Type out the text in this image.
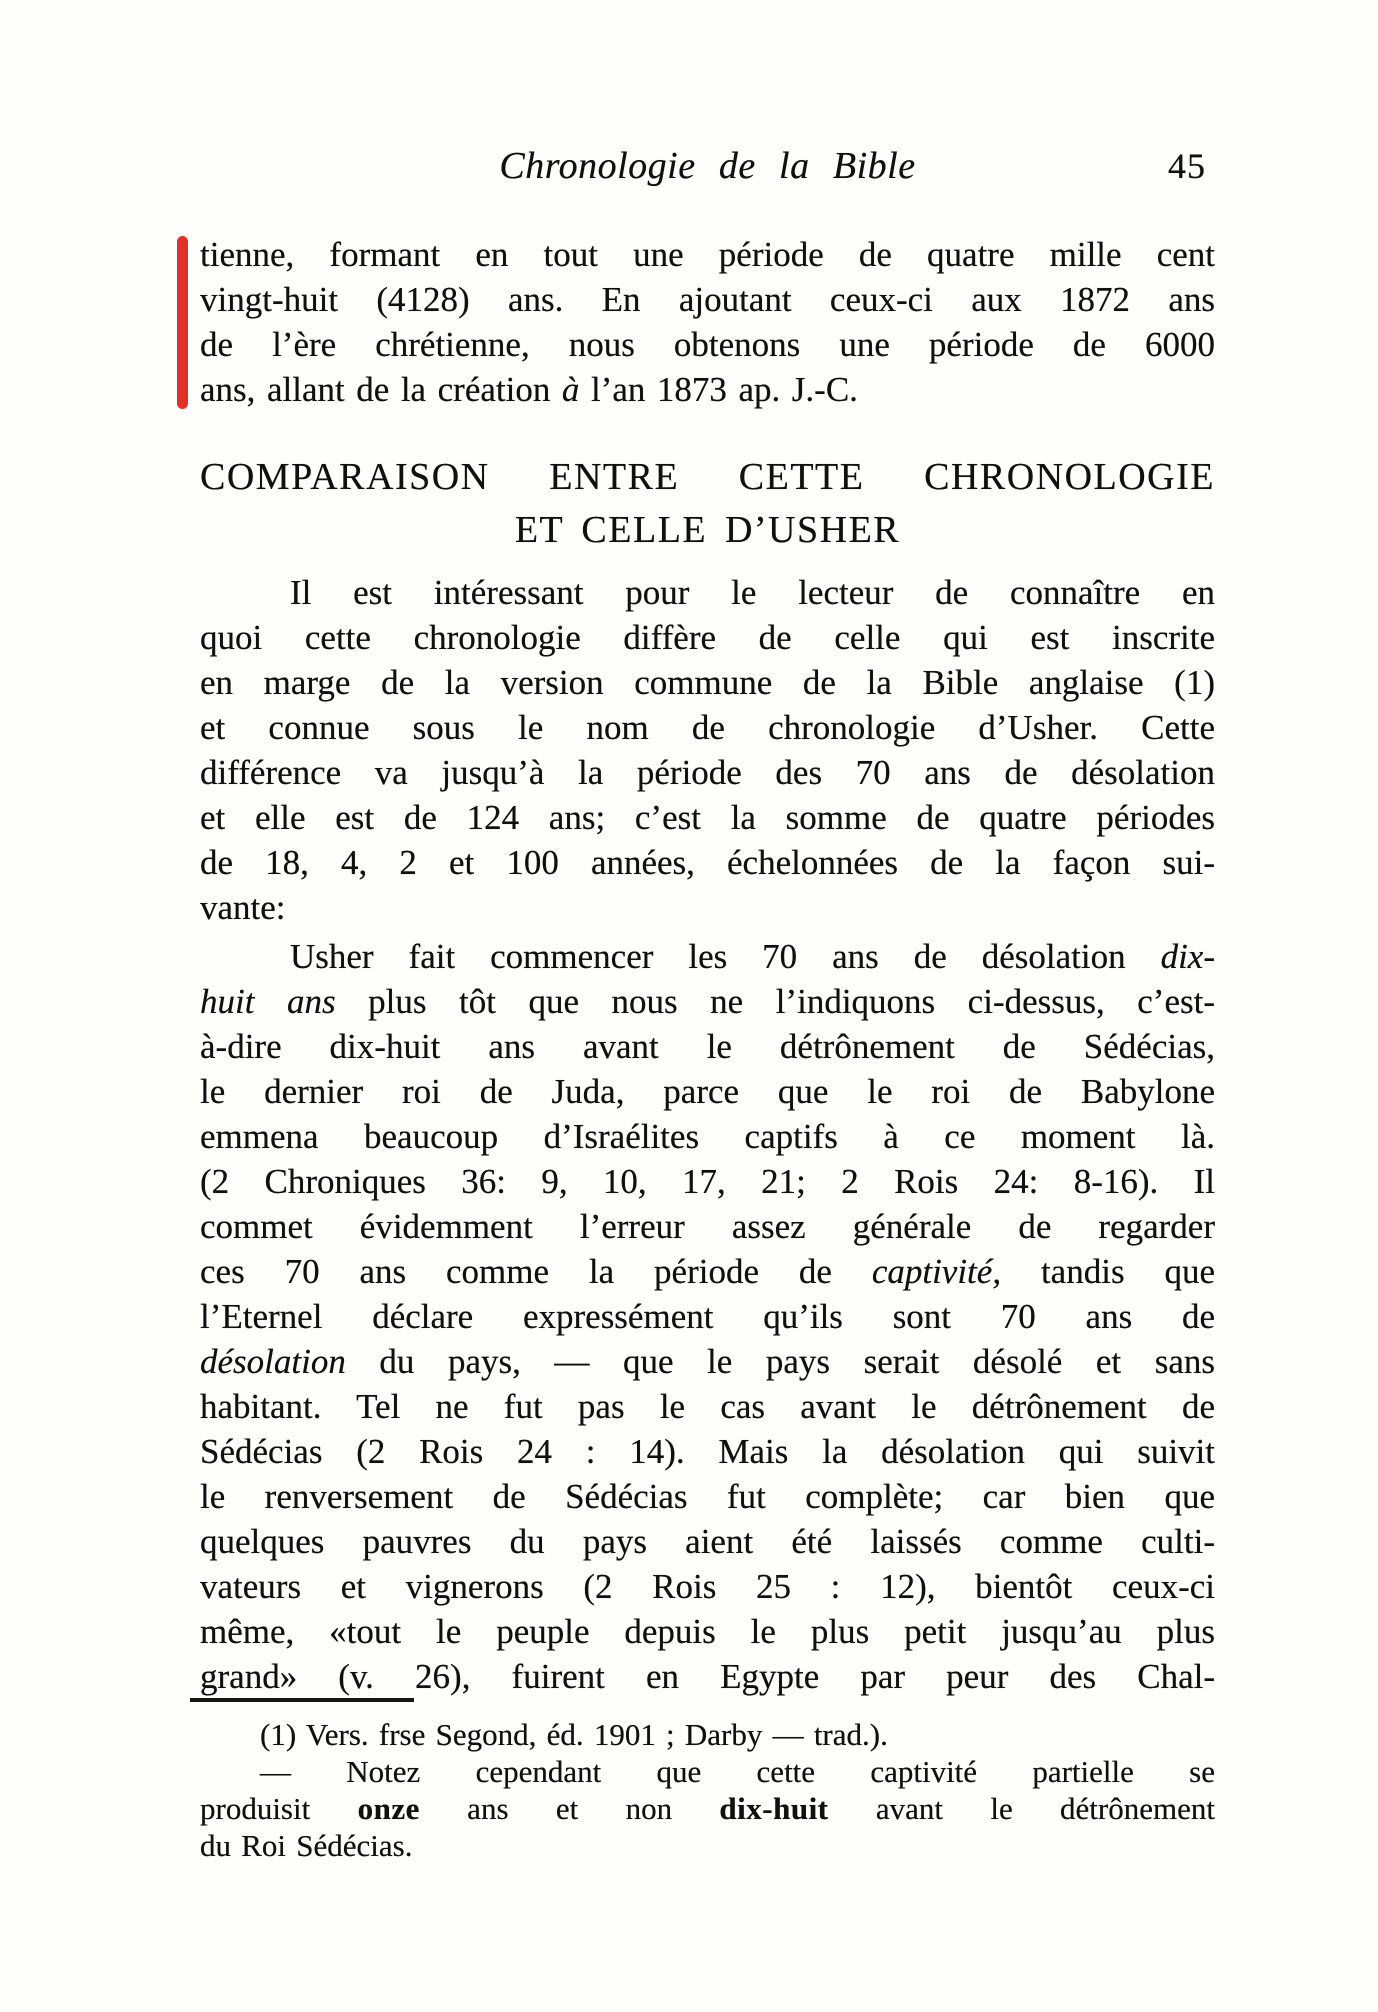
Chronologie de la Bible	45
tienne, formant en tout une période de quatre mille cent
vingt-huit (4128) ans. En ajoutant ceux-ci aux 1872 ans
de l’ère chrétienne, nous obtenons une période de 6000
ans, allant de la création à l’an 1873 ap. J.-C.
COMPARAISON ENTRE CETTE CHRONOLOGIE
ET CELLE D’USHER
Il est intéressant pour le lecteur de connaître en
quoi cette chronologie diffère de celle qui est inscrite
en marge de la version commune de la Bible anglaise (1)
et connue sous le nom de chronologie d’Usher. Cette
différence va jusqu’à la période des 70 ans de désolation
et elle est de 124 ans; c’est la somme de quatre périodes
de 18, 4, 2 et 100 années, échelonnées de la façon sui-
vante:
Usher fait commencer les 70 ans de désolation dix-
huit ans plus tôt que nous ne l’indiquons ci-dessus, c’est-
à-dire dix-huit ans avant le détrônement de Sédécias,
le dernier roi de Juda, parce que le roi de Babylone
emmena beaucoup d’Israélites captifs à ce moment là.
(2 Chroniques 36: 9, 10, 17, 21; 2 Rois 24: 8-16). Il
commet évidemment l’erreur assez générale de regarder
ces 70 ans comme la période de captivité, tandis que
l’Eternel déclare expressément qu’ils sont 70 ans de
désolation du pays, — que le pays serait désolé et sans
habitant. Tel ne fut pas le cas avant le détrônement de
Sédécias (2 Rois 24 : 14). Mais la désolation qui suivit
le renversement de Sédécias fut complète; car bien que
quelques pauvres du pays aient été laissés comme culti-
vateurs et vignerons (2 Rois 25 : 12), bientôt ceux-ci
même, «tout le peuple depuis le plus petit jusqu’au plus
grand» (v. 26), fuirent en Egypte par peur des Chal-
(1) Vers. frse Segond, éd. 1901 ; Darby — trad.).
— Notez cependant que cette captivité partielle se
produisit onze ans et non dix-huit avant le détrônement
du Roi Sédécias.
